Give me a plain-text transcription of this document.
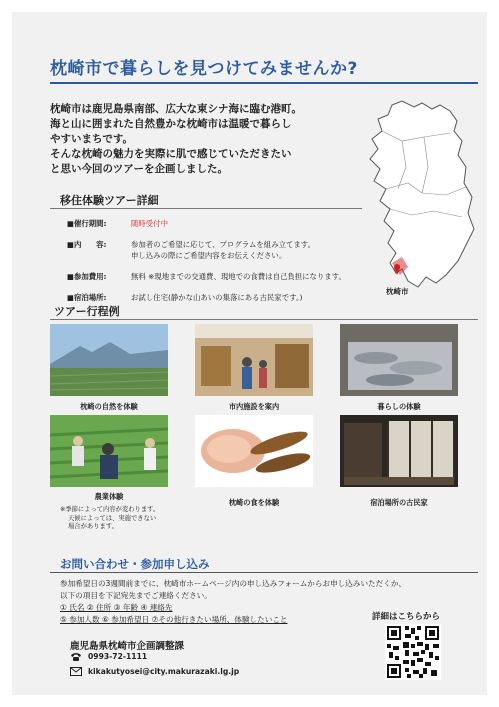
枕崎市で暮らしを見つけてみませんか?
枕崎市は鹿児島県南部、広大な東シナ海に臨む港町。
海と山に囲まれた自然豊かな枕崎市は温暖で暮らし
やすいまちです。
そんな枕崎の魅力を実際に肌で感じていただきたい
と思い今回のツアーを企画しました。
枕崎市
移住体験ツアー詳細
■催行期間:	随時受付中
■内　　容:	参加者のご希望に応じて、プログラムを組み立てます。
申し込みの際にご希望内容をお伝えください。
■参加費用:	無料 ※現地までの交通費、現地での食費は自己負担になります。
■宿泊場所:	お試し住宅(静かな山あいの集落にある古民家です。)
ツアー行程例
枕崎の自然を体験	市内施設を案内	暮らしの体験
農業体験
※季節によって内容が変わります。
天候によっては、実施できない
場合があります。
枕崎の食を体験	宿泊場所の古民家
お問い合わせ・参加申し込み
参加希望日の3週間前までに、枕崎市ホームページ内の申し込みフォームからお申し込みいただくか、
以下の項目を下記宛先までご連絡ください。
① 氏名 ② 住所 ③ 年齢 ④ 連絡先
⑤ 参加人数 ⑥ 参加希望日 ⑦その他行きたい場所、体験したいこと
鹿児島県枕崎市企画調整課
0993-72-1111
kikakutyosei@city.makurazaki.lg.jp
詳細はこちらから
